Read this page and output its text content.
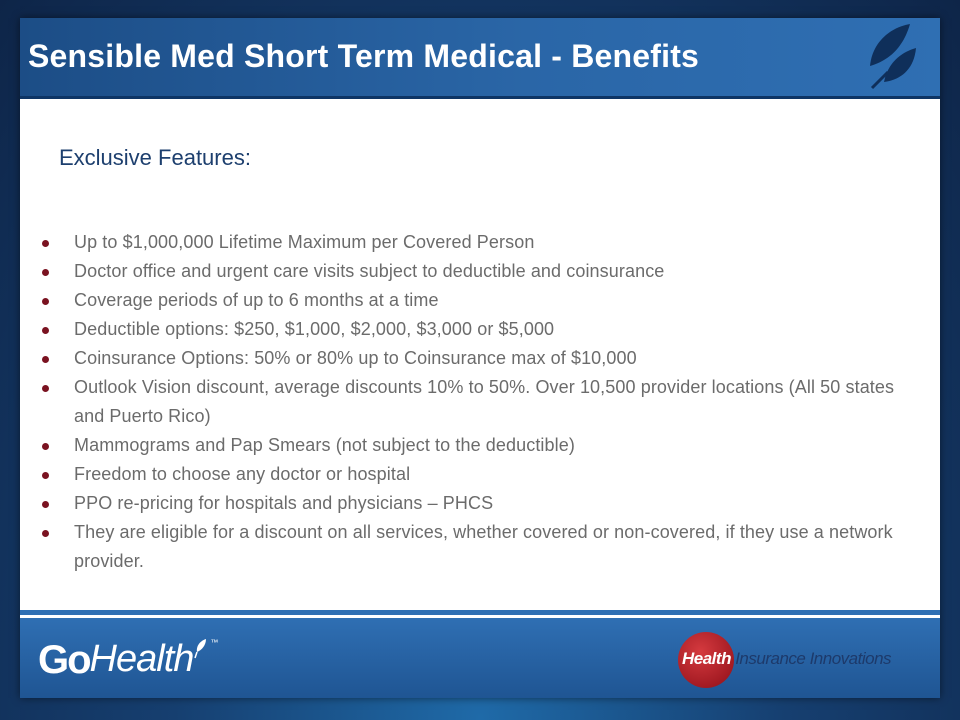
Sensible Med Short Term Medical - Benefits
Exclusive Features:
Up to $1,000,000 Lifetime Maximum per Covered Person
Doctor office and urgent care visits subject to deductible and coinsurance
Coverage periods of up to 6 months at a time
Deductible options: $250, $1,000, $2,000, $3,000 or $5,000
Coinsurance Options: 50% or 80% up to Coinsurance max of $10,000
Outlook Vision discount, average discounts 10% to 50%. Over 10,500 provider locations (All 50 states and Puerto Rico)
Mammograms and Pap Smears (not subject to the deductible)
Freedom to choose any doctor or hospital
PPO re-pricing for hospitals and physicians – PHCS
They are eligible for a discount on all services, whether covered or non-covered, if they use a network provider.
GoHealth ™
Health Insurance Innovations
